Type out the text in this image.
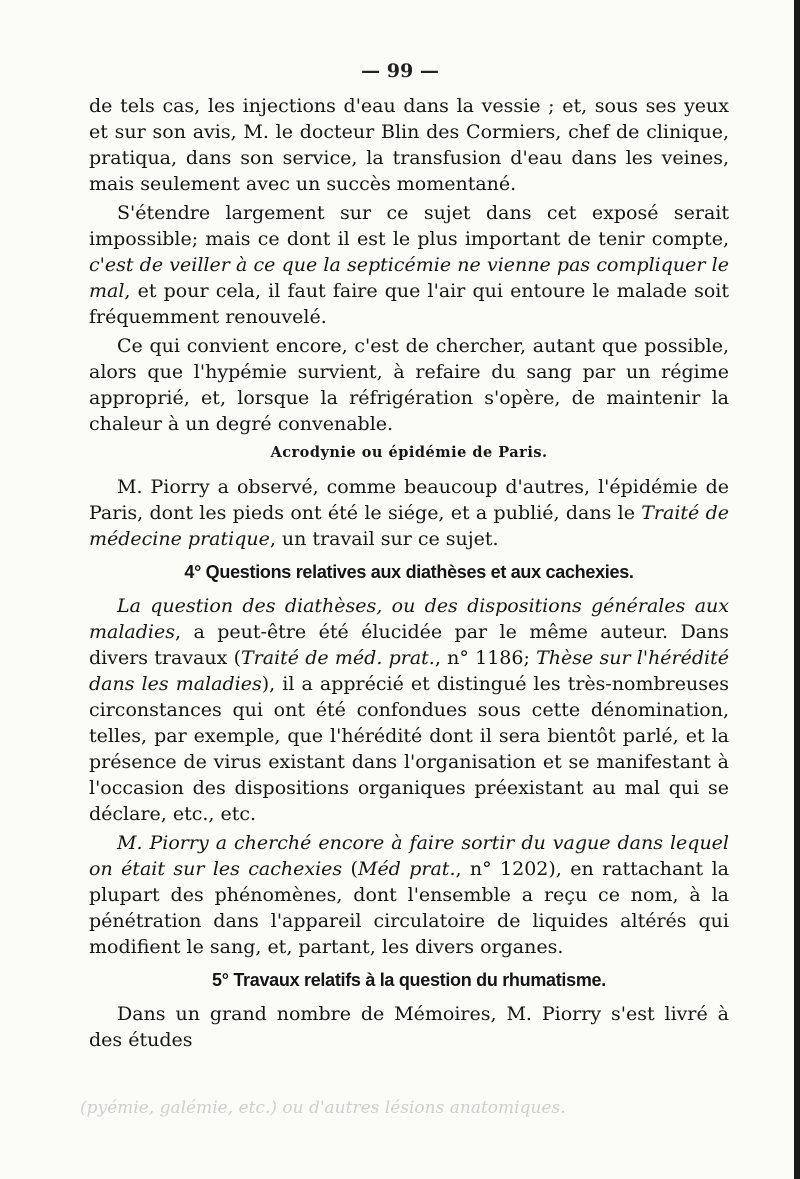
— 99 —

de tels cas, les injections d'eau dans la vessie ; et, sous ses yeux et sur son avis, M. le docteur Blin des Cormiers, chef de clinique, pratiqua, dans son service, la transfusion d'eau dans les veines, mais seulement avec un succès momentané.

S'étendre largement sur ce sujet dans cet exposé serait impossible; mais ce dont il est le plus important de tenir compte, c'est de veiller à ce que la septicémie ne vienne pas compliquer le mal, et pour cela, il faut faire que l'air qui entoure le malade soit fréquemment renouvelé.

Ce qui convient encore, c'est de chercher, autant que possible, alors que l'hypémie survient, à refaire du sang par un régime approprié, et, lorsque la réfrigération s'opère, de maintenir la chaleur à un degré convenable.

Acrodynie ou épidémie de Paris.

M. Piorry a observé, comme beaucoup d'autres, l'épidémie de Paris, dont les pieds ont été le siége, et a publié, dans le Traité de médecine pratique, un travail sur ce sujet.

4° Questions relatives aux diathèses et aux cachexies.

La question des diathèses, ou des dispositions générales aux maladies, a peut-être été élucidée par le même auteur. Dans divers travaux (Traité de méd. prat., n° 1186; Thèse sur l'hérédité dans les maladies), il a apprécié et distingué les très-nombreuses circonstances qui ont été confondues sous cette dénomination, telles, par exemple, que l'hérédité dont il sera bientôt parlé, et la présence de virus existant dans l'organisation et se manifestant à l'occasion des dispositions organiques préexistant au mal qui se déclare, etc., etc.

M. Piorry a cherché encore à faire sortir du vague dans lequel on était sur les cachexies (Méd prat., n° 1202), en rattachant la plupart des phénomènes, dont l'ensemble a reçu ce nom, à la pénétration dans l'appareil circulatoire de liquides altérés qui modifient le sang, et, partant, les divers organes.

5° Travaux relatifs à la question du rhumatisme.

Dans un grand nombre de Mémoires, M. Piorry s'est livré à des études

(pyémie, galémie, etc.) ou d'autres lésions anatomiques.
